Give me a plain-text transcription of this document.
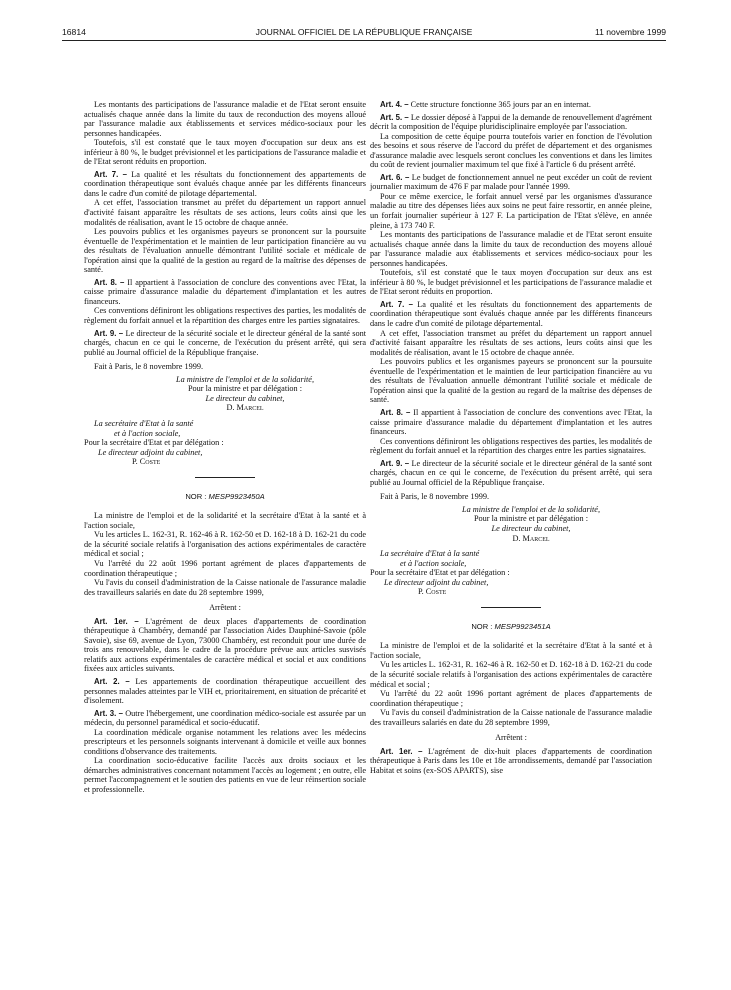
16814	JOURNAL OFFICIEL DE LA RÉPUBLIQUE FRANÇAISE	11 novembre 1999

Les montants des participations de l'assurance maladie et de l'Etat seront ensuite actualisés chaque année dans la limite du taux de reconduction des moyens alloué par l'assurance maladie aux établissements et services médico-sociaux pour les personnes handicapées.

Toutefois, s'il est constaté que le taux moyen d'occupation sur deux ans est inférieur à 80 %, le budget prévisionnel et les participations de l'assurance maladie et de l'Etat seront réduits en proportion.

Art. 7. – La qualité et les résultats du fonctionnement des appartements de coordination thérapeutique sont évalués chaque année par les différents financeurs dans le cadre d'un comité de pilotage départemental.

A cet effet, l'association transmet au préfet du département un rapport annuel d'activité faisant apparaître les résultats de ses actions, leurs coûts ainsi que les modalités de réalisation, avant le 15 octobre de chaque année.

Les pouvoirs publics et les organismes payeurs se prononcent sur la poursuite éventuelle de l'expérimentation et le maintien de leur participation financière au vu des résultats de l'évaluation annuelle démontrant l'utilité sociale et médicale de l'opération ainsi que la qualité de la gestion au regard de la maîtrise des dépenses de santé.

Art. 8. – Il appartient à l'association de conclure des conventions avec l'Etat, la caisse primaire d'assurance maladie du département d'implantation et les autres financeurs.

Ces conventions définiront les obligations respectives des parties, les modalités de règlement du forfait annuel et la répartition des charges entre les parties signataires.

Art. 9. – Le directeur de la sécurité sociale et le directeur général de la santé sont chargés, chacun en ce qui le concerne, de l'exécution du présent arrêté, qui sera publié au Journal officiel de la République française.

Fait à Paris, le 8 novembre 1999.

La ministre de l'emploi et de la solidarité,
Pour la ministre et par délégation :
Le directeur du cabinet,
D. Marcel
La secrétaire d'Etat à la santé
et à l'action sociale,
Pour la secrétaire d'Etat et par délégation :
Le directeur adjoint du cabinet,
P. Coste
NOR : MESP9923450A

La ministre de l'emploi et de la solidarité et la secrétaire d'Etat à la santé et à l'action sociale,

Vu les articles L. 162-31, R. 162-46 à R. 162-50 et D. 162-18 à D. 162-21 du code de la sécurité sociale relatifs à l'organisation des actions expérimentales de caractère médical et social ;

Vu l'arrêté du 22 août 1996 portant agrément de places d'appartements de coordination thérapeutique ;

Vu l'avis du conseil d'administration de la Caisse nationale de l'assurance maladie des travailleurs salariés en date du 28 septembre 1999,

Arrêtent :

Art. 1er. – L'agrément de deux places d'appartements de coordination thérapeutique à Chambéry, demandé par l'association Aides Dauphiné-Savoie (pôle Savoie), sise 69, avenue de Lyon, 73000 Chambéry, est reconduit pour une durée de trois ans renouvelable, dans le cadre de la procédure prévue aux articles susvisés relatifs aux actions expérimentales de caractère médical et social et aux conditions fixées aux articles suivants.

Art. 2. – Les appartements de coordination thérapeutique accueillent des personnes malades atteintes par le VIH et, prioritairement, en situation de précarité et d'isolement.

Art. 3. – Outre l'hébergement, une coordination médico-sociale est assurée par un médecin, du personnel paramédical et socio-éducatif.

La coordination médicale organise notamment les relations avec les médecins prescripteurs et les personnels soignants intervenant à domicile et veille aux bonnes conditions d'observance des traitements.

La coordination socio-éducative facilite l'accès aux droits sociaux et les démarches administratives concernant notamment l'accès au logement ; en outre, elle permet l'accompagnement et le soutien des patients en vue de leur réinsertion sociale et professionnelle.

Art. 4. – Cette structure fonctionne 365 jours par an en internat.

Art. 5. – Le dossier déposé à l'appui de la demande de renouvellement d'agrément décrit la composition de l'équipe pluridisciplinaire employée par l'association.

La composition de cette équipe pourra toutefois varier en fonction de l'évolution des besoins et sous réserve de l'accord du préfet de département et des organismes d'assurance maladie avec lesquels seront conclues les conventions et dans les limites du coût de revient journalier maximum tel que fixé à l'article 6 du présent arrêté.

Art. 6. – Le budget de fonctionnement annuel ne peut excéder un coût de revient journalier maximum de 476 F par malade pour l'année 1999.

Pour ce même exercice, le forfait annuel versé par les organismes d'assurance maladie au titre des dépenses liées aux soins ne peut faire ressortir, en année pleine, un forfait journalier supérieur à 127 F. La participation de l'Etat s'élève, en année pleine, à 173 740 F.

Les montants des participations de l'assurance maladie et de l'Etat seront ensuite actualisés chaque année dans la limite du taux de reconduction des moyens alloué par l'assurance maladie aux établissements et services médico-sociaux pour les personnes handicapées.

Toutefois, s'il est constaté que le taux moyen d'occupation sur deux ans est inférieur à 80 %, le budget prévisionnel et les participations de l'assurance maladie et de l'Etat seront réduits en proportion.

Art. 7. – La qualité et les résultats du fonctionnement des appartements de coordination thérapeutique sont évalués chaque année par les différents financeurs dans le cadre d'un comité de pilotage départemental.

A cet effet, l'association transmet au préfet du département un rapport annuel d'activité faisant apparaître les résultats de ses actions, leurs coûts ainsi que les modalités de réalisation, avant le 15 octobre de chaque année.

Les pouvoirs publics et les organismes payeurs se prononcent sur la poursuite éventuelle de l'expérimentation et le maintien de leur participation financière au vu des résultats de l'évaluation annuelle démontrant l'utilité sociale et médicale de l'opération ainsi que la qualité de la gestion au regard de la maîtrise des dépenses de santé.

Art. 8. – Il appartient à l'association de conclure des conventions avec l'Etat, la caisse primaire d'assurance maladie du département d'implantation et les autres financeurs.

Ces conventions définiront les obligations respectives des parties, les modalités de règlement du forfait annuel et la répartition des charges entre les parties signataires.

Art. 9. – Le directeur de la sécurité sociale et le directeur général de la santé sont chargés, chacun en ce qui le concerne, de l'exécution du présent arrêté, qui sera publié au Journal officiel de la République française.

Fait à Paris, le 8 novembre 1999.

La ministre de l'emploi et de la solidarité,
Pour la ministre et par délégation :
Le directeur du cabinet,
D. Marcel
La secrétaire d'Etat à la santé
et à l'action sociale,
Pour la secrétaire d'Etat et par délégation :
Le directeur adjoint du cabinet,
P. Coste
NOR : MESP9923451A

La ministre de l'emploi et de la solidarité et la secrétaire d'Etat à la santé et à l'action sociale,

Vu les articles L. 162-31, R. 162-46 à R. 162-50 et D. 162-18 à D. 162-21 du code de la sécurité sociale relatifs à l'organisation des actions expérimentales de caractère médical et social ;

Vu l'arrêté du 22 août 1996 portant agrément de places d'appartements de coordination thérapeutique ;

Vu l'avis du conseil d'administration de la Caisse nationale de l'assurance maladie des travailleurs salariés en date du 28 septembre 1999,

Arrêtent :

Art. 1er. – L'agrément de dix-huit places d'appartements de coordination thérapeutique à Paris dans les 10e et 18e arrondissements, demandé par l'association Habitat et soins (ex-SOS APARTS), sise
